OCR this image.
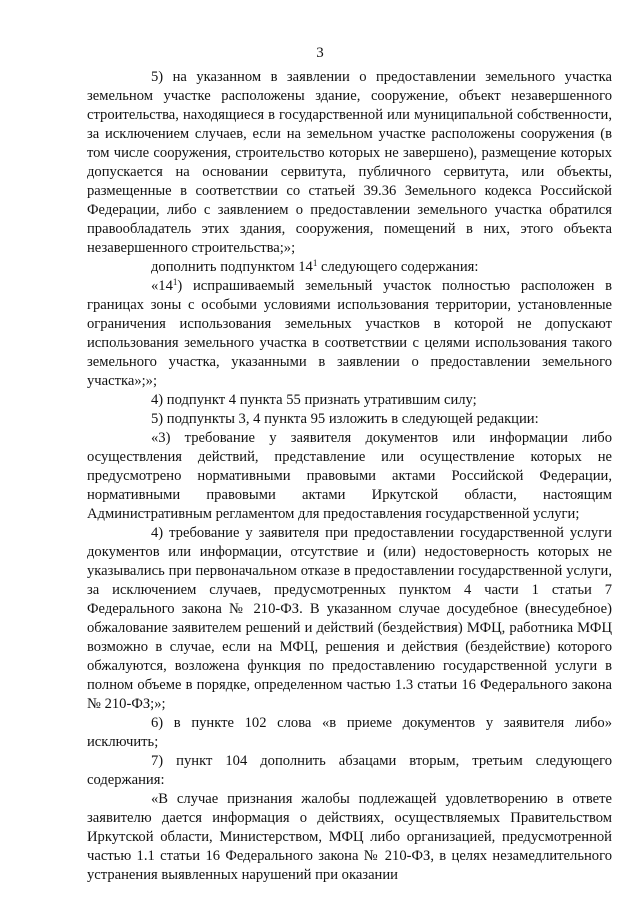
3

5) на указанном в заявлении о предоставлении земельного участка земельном участке расположены здание, сооружение, объект незавершенного строительства, находящиеся в государственной или муниципальной собственности, за исключением случаев, если на земельном участке расположены сооружения (в том числе сооружения, строительство которых не завершено), размещение которых допускается на основании сервитута, публичного сервитута, или объекты, размещенные в соответствии со статьей 39.36 Земельного кодекса Российской Федерации, либо с заявлением о предоставлении земельного участка обратился правообладатель этих здания, сооружения, помещений в них, этого объекта незавершенного строительства;»;

дополнить подпунктом $14^1$ следующего содержания:

«$14^1$) испрашиваемый земельный участок полностью расположен в границах зоны с особыми условиями использования территории, установленные ограничения использования земельных участков в которой не допускают использования земельного участка в соответствии с целями использования такого земельного участка, указанными в заявлении о предоставлении земельного участка»;»;

4) подпункт 4 пункта 55 признать утратившим силу;

5) подпункты 3, 4 пункта 95 изложить в следующей редакции:

«3) требование у заявителя документов или информации либо осуществления действий, представление или осуществление которых не предусмотрено нормативными правовыми актами Российской Федерации, нормативными правовыми актами Иркутской области, настоящим Административным регламентом для предоставления государственной услуги;

4) требование у заявителя при предоставлении государственной услуги документов или информации, отсутствие и (или) недостоверность которых не указывались при первоначальном отказе в предоставлении государственной услуги, за исключением случаев, предусмотренных пунктом 4 части 1 статьи 7 Федерального закона № 210-ФЗ. В указанном случае досудебное (внесудебное) обжалование заявителем решений и действий (бездействия) МФЦ, работника МФЦ возможно в случае, если на МФЦ, решения и действия (бездействие) которого обжалуются, возложена функция по предоставлению государственной услуги в полном объеме в порядке, определенном частью 1.3 статьи 16 Федерального закона № 210-ФЗ;»;

6) в пункте 102 слова «в приеме документов у заявителя либо» исключить;

7) пункт 104 дополнить абзацами вторым, третьим следующего содержания:

«В случае признания жалобы подлежащей удовлетворению в ответе заявителю дается информация о действиях, осуществляемых Правительством Иркутской области, Министерством, МФЦ либо организацией, предусмотренной частью 1.1 статьи 16 Федерального закона № 210-ФЗ, в целях незамедлительного устранения выявленных нарушений при оказании
